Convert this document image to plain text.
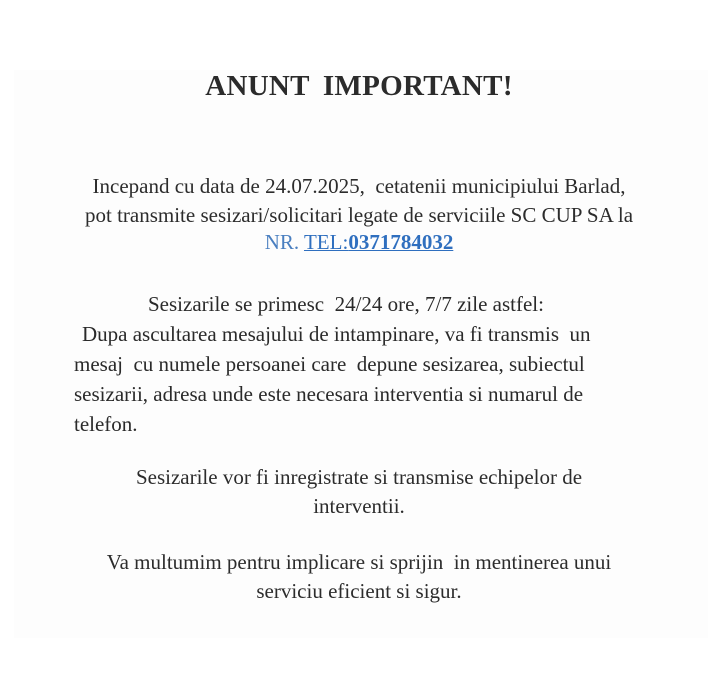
ANUNT IMPORTANT!
Incepand cu data de 24.07.2025,  cetatenii municipiului Barlad,
pot transmite sesizari/solicitari legate de serviciile SC CUP SA la
NR. TEL:0371784032
Sesizarile se primesc  24/24 ore, 7/7 zile astfel:
Dupa ascultarea mesajului de intampinare, va fi transmis  un
mesaj  cu numele persoanei care  depune sesizarea, subiectul
sesizarii, adresa unde este necesara interventia si numarul de
telefon.
Sesizarile vor fi inregistrate si transmise echipelor de
interventii.
Va multumim pentru implicare si sprijin  in mentinerea unui
serviciu eficient si sigur.
